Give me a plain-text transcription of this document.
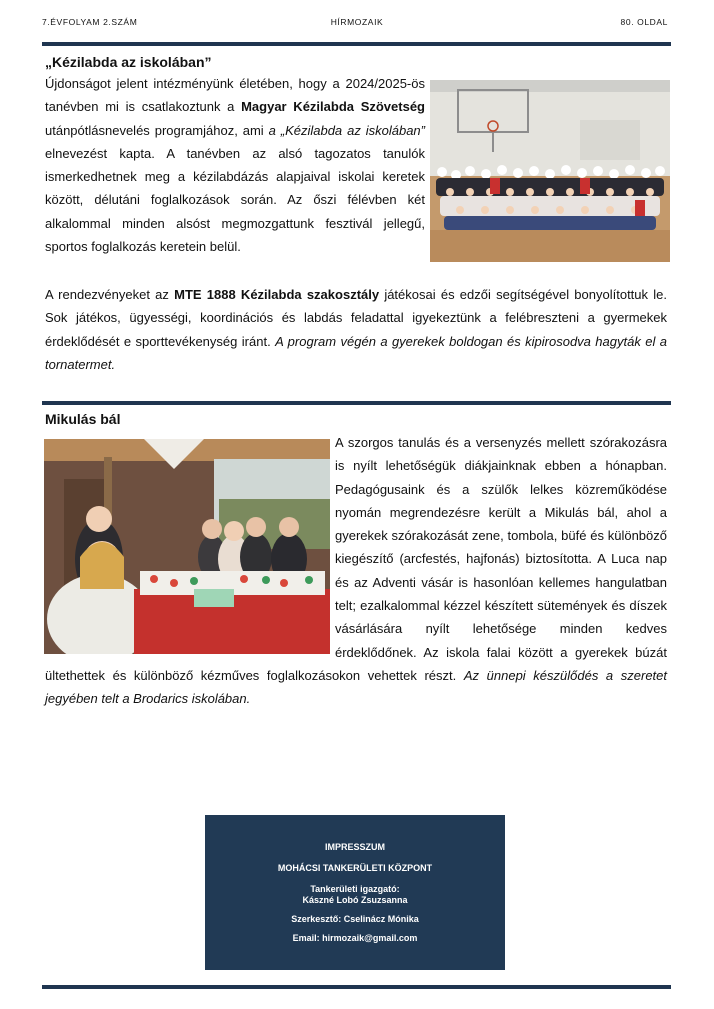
7.ÉVFOLYAM 2.SZÁM	HÍRMOZAIK	80. OLDAL
„Kézilabda az iskolában”

Újdonságot jelent intézményünk életében, hogy a 2024/2025-ös tanévben mi is csatlakoztunk a Magyar Kézilabda Szövetség utánpótlásnevelés programjához, ami a „Kézilabda az iskolában” elnevezést kapta. A tanévben az alsó tagozatos tanulók ismerkedhetnek meg a kézilabdázás alapjaival iskolai keretek között, délutáni foglalkozások során. Az őszi félévben két alkalommal minden alsóst megmozgattunk fesztivál jellegű, sportos foglalkozás keretein belül.

A rendezvényeket az MTE 1888 Kézilabda szakosztály játékosai és edzői segítségével bonyolítottuk le. Sok játékos, ügyességi, koordinációs és labdás feladattal igyekeztünk a felébreszteni a gyermekek érdeklődését e sporttevékenység iránt. A program végén a gyerekek boldogan és kipirosodva hagyták el a tornatermet.

Mikulás bál

A szorgos tanulás és a versenyzés mellett szórakozásra is nyílt lehetőségük diákjainknak ebben a hónapban. Pedagógusaink és a szülők lelkes közreműködése nyomán megrendezésre került a Mikulás bál, ahol a gyerekek szórakozását zene, tombola, büfé és különböző kiegészítő (arcfestés, hajfonás) biztosította. A Luca nap és az Adventi vásár is hasonlóan kellemes hangulatban telt; ezalkalommal kézzel készített sütemények és díszek vásárlására nyílt lehetősége minden kedves érdeklődőnek. Az iskola falai között a gyerekek búzát ültethettek és különböző kézműves foglalkozásokon vehettek részt. Az ünnepi készülődés a szeretet jegyében telt a Brodarics iskolában.

IMPRESSZUM
MOHÁCSI TANKERÜLETI KÖZPONT
Tankerületi igazgató:
Kászné Lobó Zsuzsanna
Szerkesztő: Cselinácz Mónika
Email: hirmozaik@gmail.com
